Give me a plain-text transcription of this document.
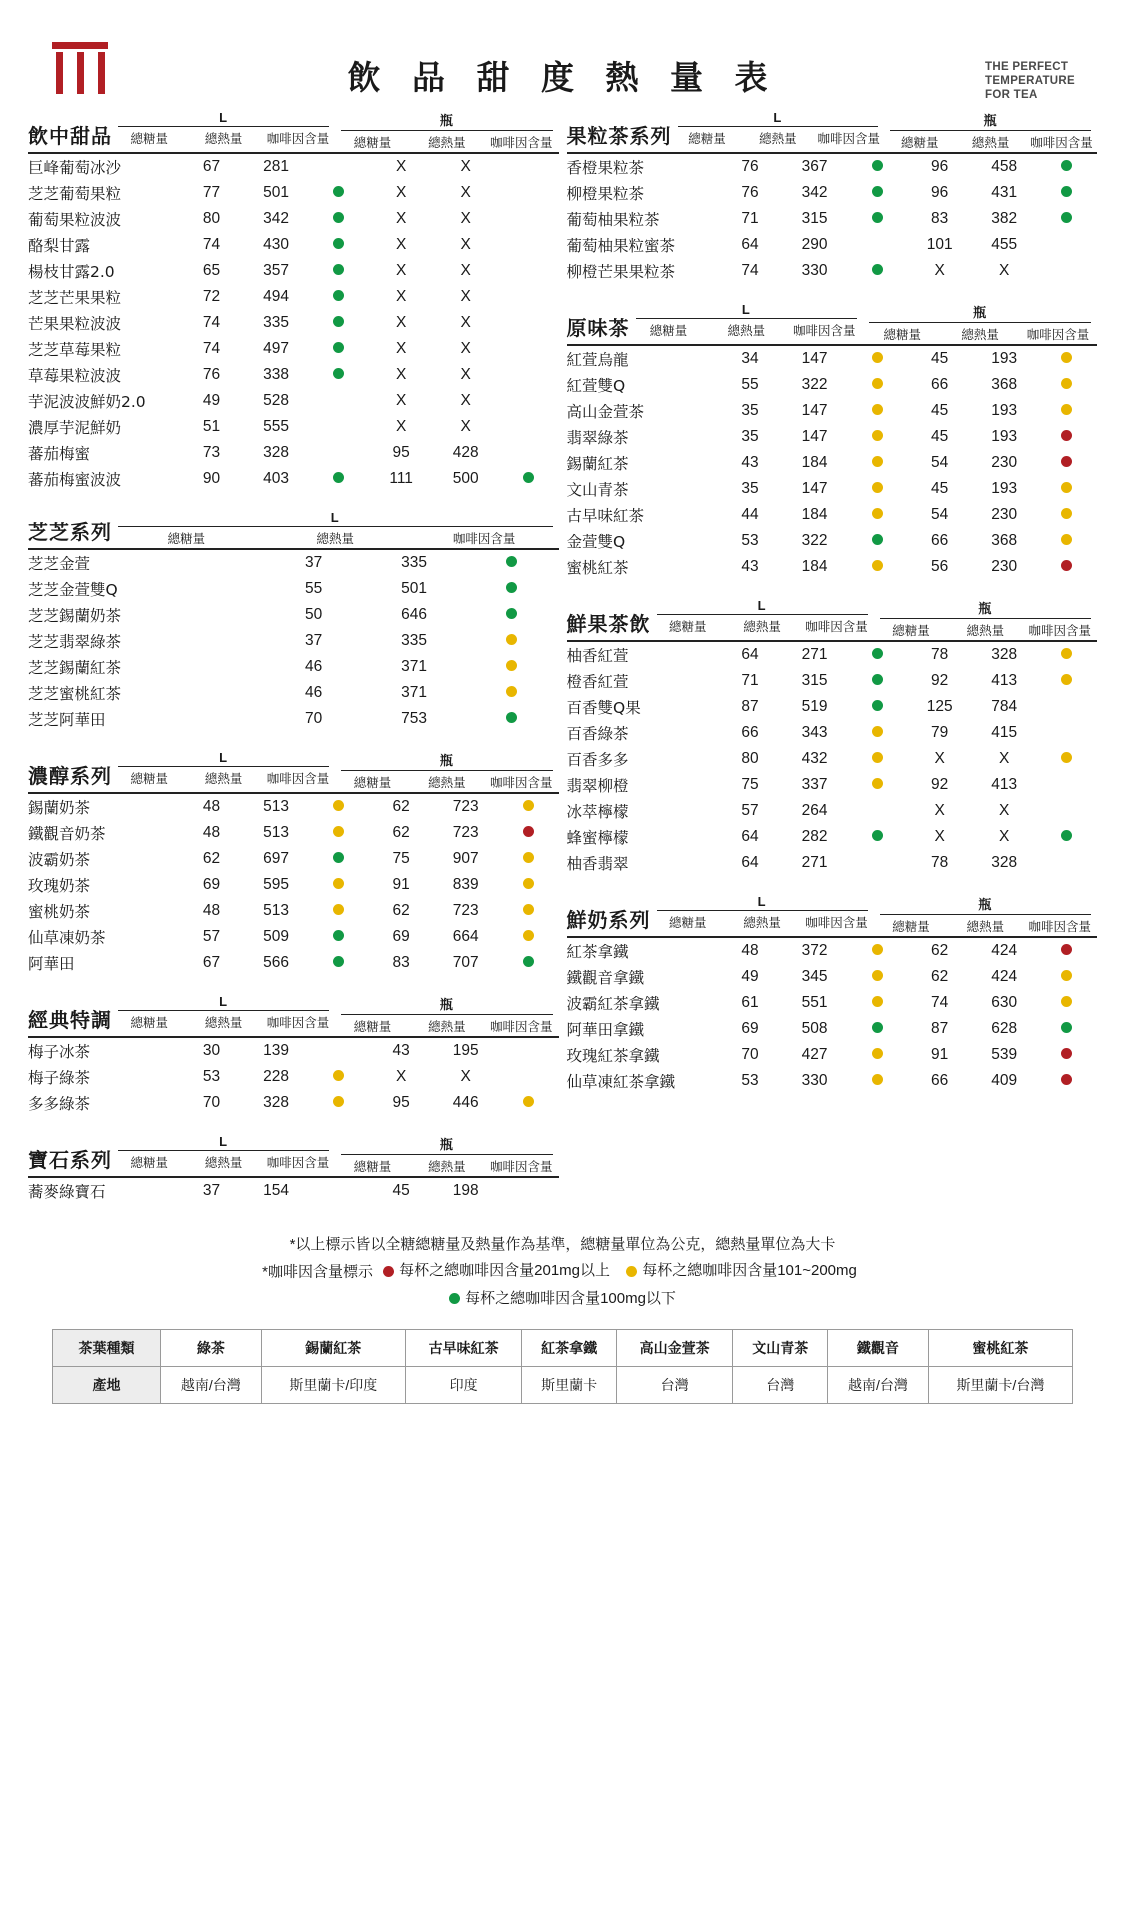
飲 品 甜 度 熱 量 表	THE PERFECT
TEMPERATURE
FOR TEA
飲中甜品
L
總糖量	總熱量	咖啡因含量
瓶
總糖量	總熱量	咖啡因含量
巨峰葡萄冰沙	67	281		X	X	
芝芝葡萄果粒	77	501		X	X	
葡萄果粒波波	80	342		X	X	
酪梨甘露	74	430		X	X	
楊枝甘露2.0	65	357		X	X	
芝芝芒果果粒	72	494		X	X	
芒果果粒波波	74	335		X	X	
芝芝草莓果粒	74	497		X	X	
草莓果粒波波	76	338		X	X	
芋泥波波鮮奶2.0	49	528		X	X	
濃厚芋泥鮮奶	51	555		X	X	
蕃茄梅蜜	73	328		95	428	
蕃茄梅蜜波波	90	403		111	500	
芝芝系列
L
總糖量	總熱量	咖啡因含量
芝芝金萱	37	335	
芝芝金萱雙Q	55	501	
芝芝錫蘭奶茶	50	646	
芝芝翡翠綠茶	37	335	
芝芝錫蘭紅茶	46	371	
芝芝蜜桃紅茶	46	371	
芝芝阿華田	70	753	
濃醇系列
L
總糖量	總熱量	咖啡因含量
瓶
總糖量	總熱量	咖啡因含量
錫蘭奶茶	48	513		62	723	
鐵觀音奶茶	48	513		62	723	
波霸奶茶	62	697		75	907	
玫瑰奶茶	69	595		91	839	
蜜桃奶茶	48	513		62	723	
仙草凍奶茶	57	509		69	664	
阿華田	67	566		83	707	
經典特調
L
總糖量	總熱量	咖啡因含量
瓶
總糖量	總熱量	咖啡因含量
梅子冰茶	30	139		43	195	
梅子綠茶	53	228		X	X	
多多綠茶	70	328		95	446	
寶石系列
L
總糖量	總熱量	咖啡因含量
瓶
總糖量	總熱量	咖啡因含量
蕎麥綠寶石	37	154		45	198	
果粒茶系列
L
總糖量	總熱量	咖啡因含量
瓶
總糖量	總熱量	咖啡因含量
香橙果粒茶	76	367		96	458	
柳橙果粒茶	76	342		96	431	
葡萄柚果粒茶	71	315		83	382	
葡萄柚果粒蜜茶	64	290		101	455	
柳橙芒果果粒茶	74	330		X	X	
原味茶
L
總糖量	總熱量	咖啡因含量
瓶
總糖量	總熱量	咖啡因含量
紅萱烏龍	34	147		45	193	
紅萱雙Q	55	322		66	368	
高山金萱茶	35	147		45	193	
翡翠綠茶	35	147		45	193	
錫蘭紅茶	43	184		54	230	
文山青茶	35	147		45	193	
古早味紅茶	44	184		54	230	
金萱雙Q	53	322		66	368	
蜜桃紅茶	43	184		56	230	
鮮果茶飲
L
總糖量	總熱量	咖啡因含量
瓶
總糖量	總熱量	咖啡因含量
柚香紅萱	64	271		78	328	
橙香紅萱	71	315		92	413	
百香雙Q果	87	519		125	784	
百香綠茶	66	343		79	415	
百香多多	80	432		X	X	
翡翠柳橙	75	337		92	413	
冰萃檸檬	57	264		X	X	
蜂蜜檸檬	64	282		X	X	
柚香翡翠	64	271		78	328	
鮮奶系列
L
總糖量	總熱量	咖啡因含量
瓶
總糖量	總熱量	咖啡因含量
紅茶拿鐵	48	372		62	424	
鐵觀音拿鐵	49	345		62	424	
波霸紅茶拿鐵	61	551		74	630	
阿華田拿鐵	69	508		87	628	
玫瑰紅茶拿鐵	70	427		91	539	
仙草凍紅茶拿鐵	53	330		66	409	
*以上標示皆以全糖總糖量及熱量作為基準，總糖量單位為公克，總熱量單位為大卡
*咖啡因含量標示 每杯之總咖啡因含量201mg以上
每杯之總咖啡因含量101~200mg
每杯之總咖啡因含量100mg以下
茶葉種類	綠茶	錫蘭紅茶	古早味紅茶	紅茶拿鐵	高山金萱茶	文山青茶	鐵觀音	蜜桃紅茶
產地	越南/台灣	斯里蘭卡/印度	印度	斯里蘭卡	台灣	台灣	越南/台灣	斯里蘭卡/台灣
